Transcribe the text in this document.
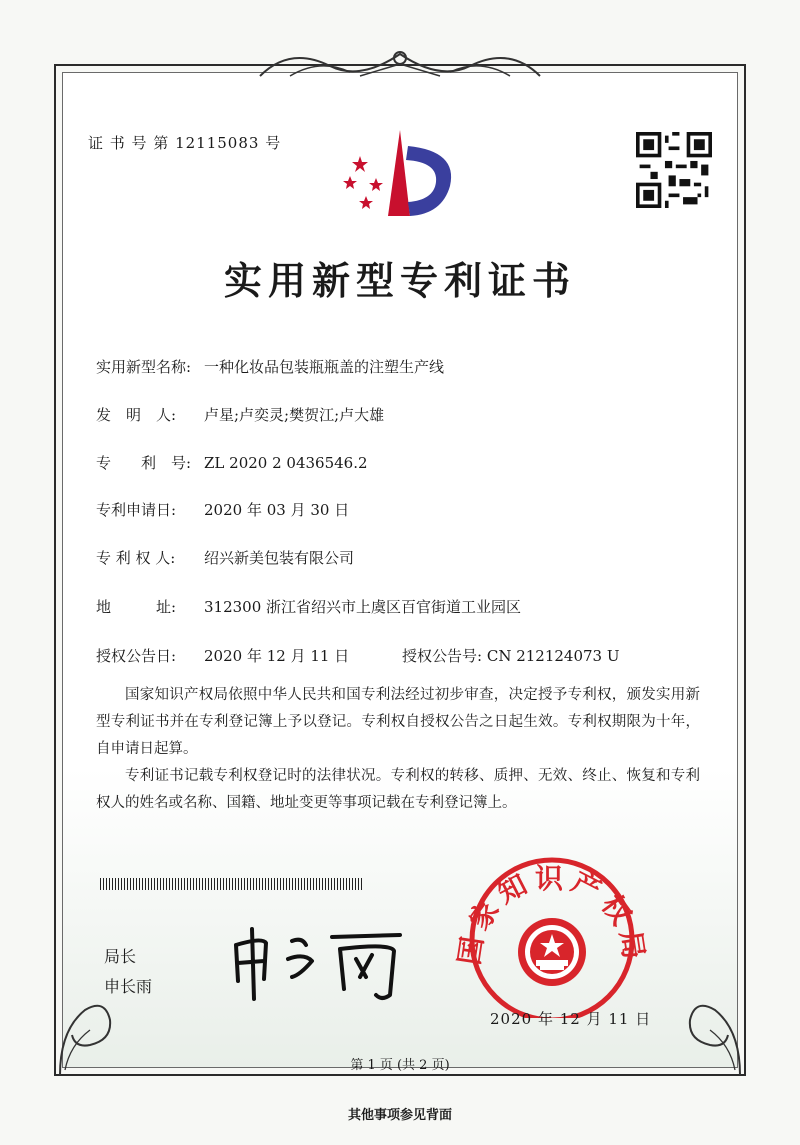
证 书 号 第 12115083 号
实用新型专利证书
实用新型名称: 一种化妆品包装瓶瓶盖的注塑生产线
发　明　人: 卢星;卢奕灵;樊贺江;卢大雄
专　　利　号: ZL 2020 2 0436546.2
专利申请日: 2020 年 03 月 30 日
专 利 权 人: 绍兴新美包装有限公司
地　　　址: 312300 浙江省绍兴市上虞区百官街道工业园区
授权公告日: 2020 年 12 月 11 日	授权公告号: CN 212124073 U

国家知识产权局依照中华人民共和国专利法经过初步审查，决定授予专利权，颁发实用新型专利证书并在专利登记簿上予以登记。专利权自授权公告之日起生效。专利权期限为十年，自申请日起算。

专利证书记载专利权登记时的法律状况。专利权的转移、质押、无效、终止、恢复和专利权人的姓名或名称、国籍、地址变更等事项记载在专利登记簿上。

局长
申长雨
国家知识产权局
2020 年 12 月 11 日
第 1 页 (共 2 页)
其他事项参见背面
